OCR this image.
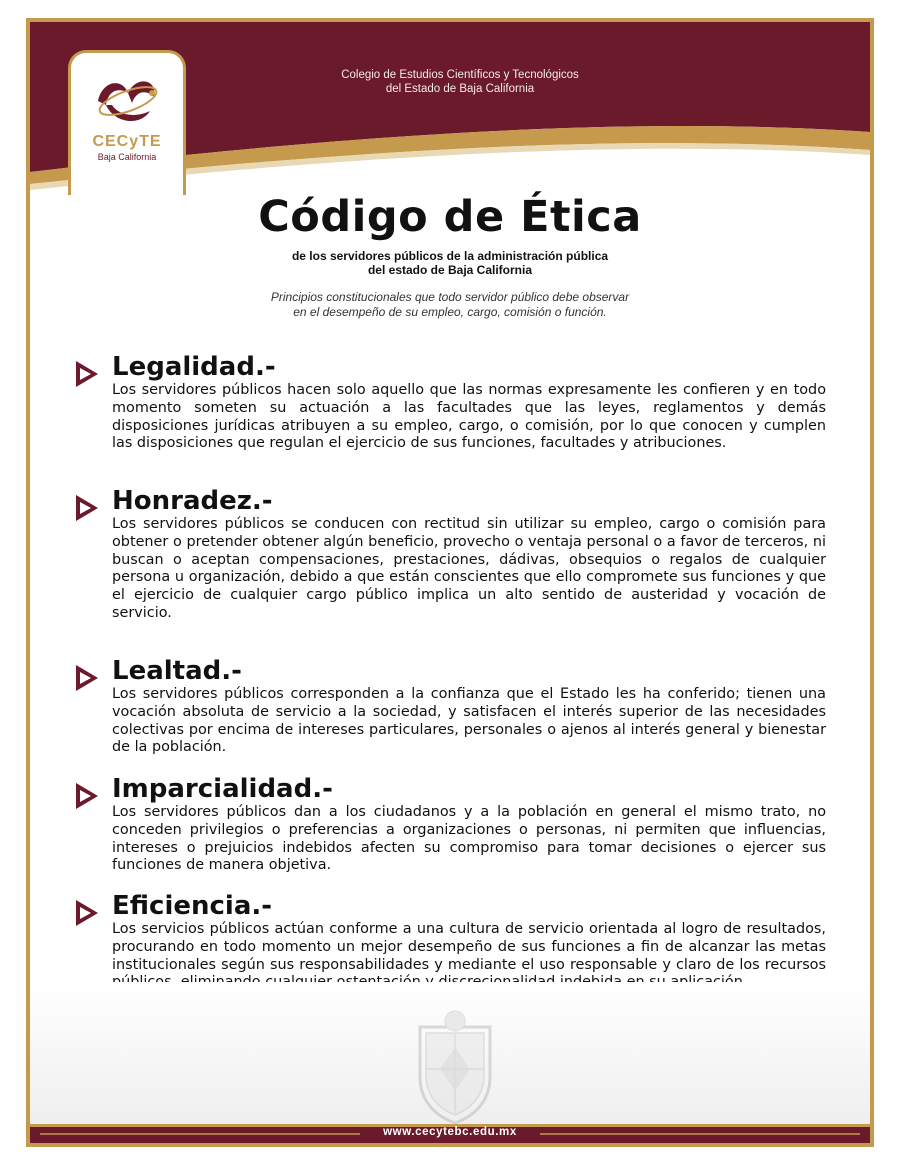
CECyTE
Baja California
Colegio de Estudios Científicos y Tecnológicos
del Estado de Baja California
Código de Ética
de los servidores públicos de la administración pública
del estado de Baja California
Principios constitucionales que todo servidor público debe observar
en el desempeño de su empleo, cargo, comisión o función.
Legalidad.-
Los servidores públicos hacen solo aquello que las normas expresamente les confieren y en todo momento someten su actuación a las facultades que las leyes, reglamentos y demás disposiciones jurídicas atribuyen a su empleo, cargo, o comisión, por lo que conocen y cumplen las disposiciones que regulan el ejercicio de sus funciones, facultades y atribuciones.
Honradez.-
Los servidores públicos se conducen con rectitud sin utilizar su empleo, cargo o comisión para obtener o pretender obtener algún beneficio, provecho o ventaja personal o a favor de terceros, ni buscan o aceptan compensaciones, prestaciones, dádivas, obsequios o regalos de cualquier persona u organización, debido a que están conscientes que ello compromete sus funciones y que el ejercicio de cualquier cargo público implica un alto sentido de austeridad y vocación de servicio.
Lealtad.-
Los servidores públicos corresponden a la confianza que el Estado les ha conferido; tienen una vocación absoluta de servicio a la sociedad, y satisfacen el interés superior de las necesidades colectivas por encima de intereses particulares, personales o ajenos al interés general y bienestar de la población.
Imparcialidad.-
Los servidores públicos dan a los ciudadanos y a la población en general el mismo trato, no conceden privilegios o preferencias a organizaciones o personas, ni permiten que influencias, intereses o prejuicios indebidos afecten su compromiso para tomar decisiones o ejercer sus funciones de manera objetiva.
Eficiencia.-
Los servicios públicos actúan conforme a una cultura de servicio orientada al logro de resultados, procurando en todo momento un mejor desempeño de sus funciones a fin de alcanzar las metas institucionales según sus responsabilidades y mediante el uso responsable y claro de los recursos
www.cecytebc.edu.mx
